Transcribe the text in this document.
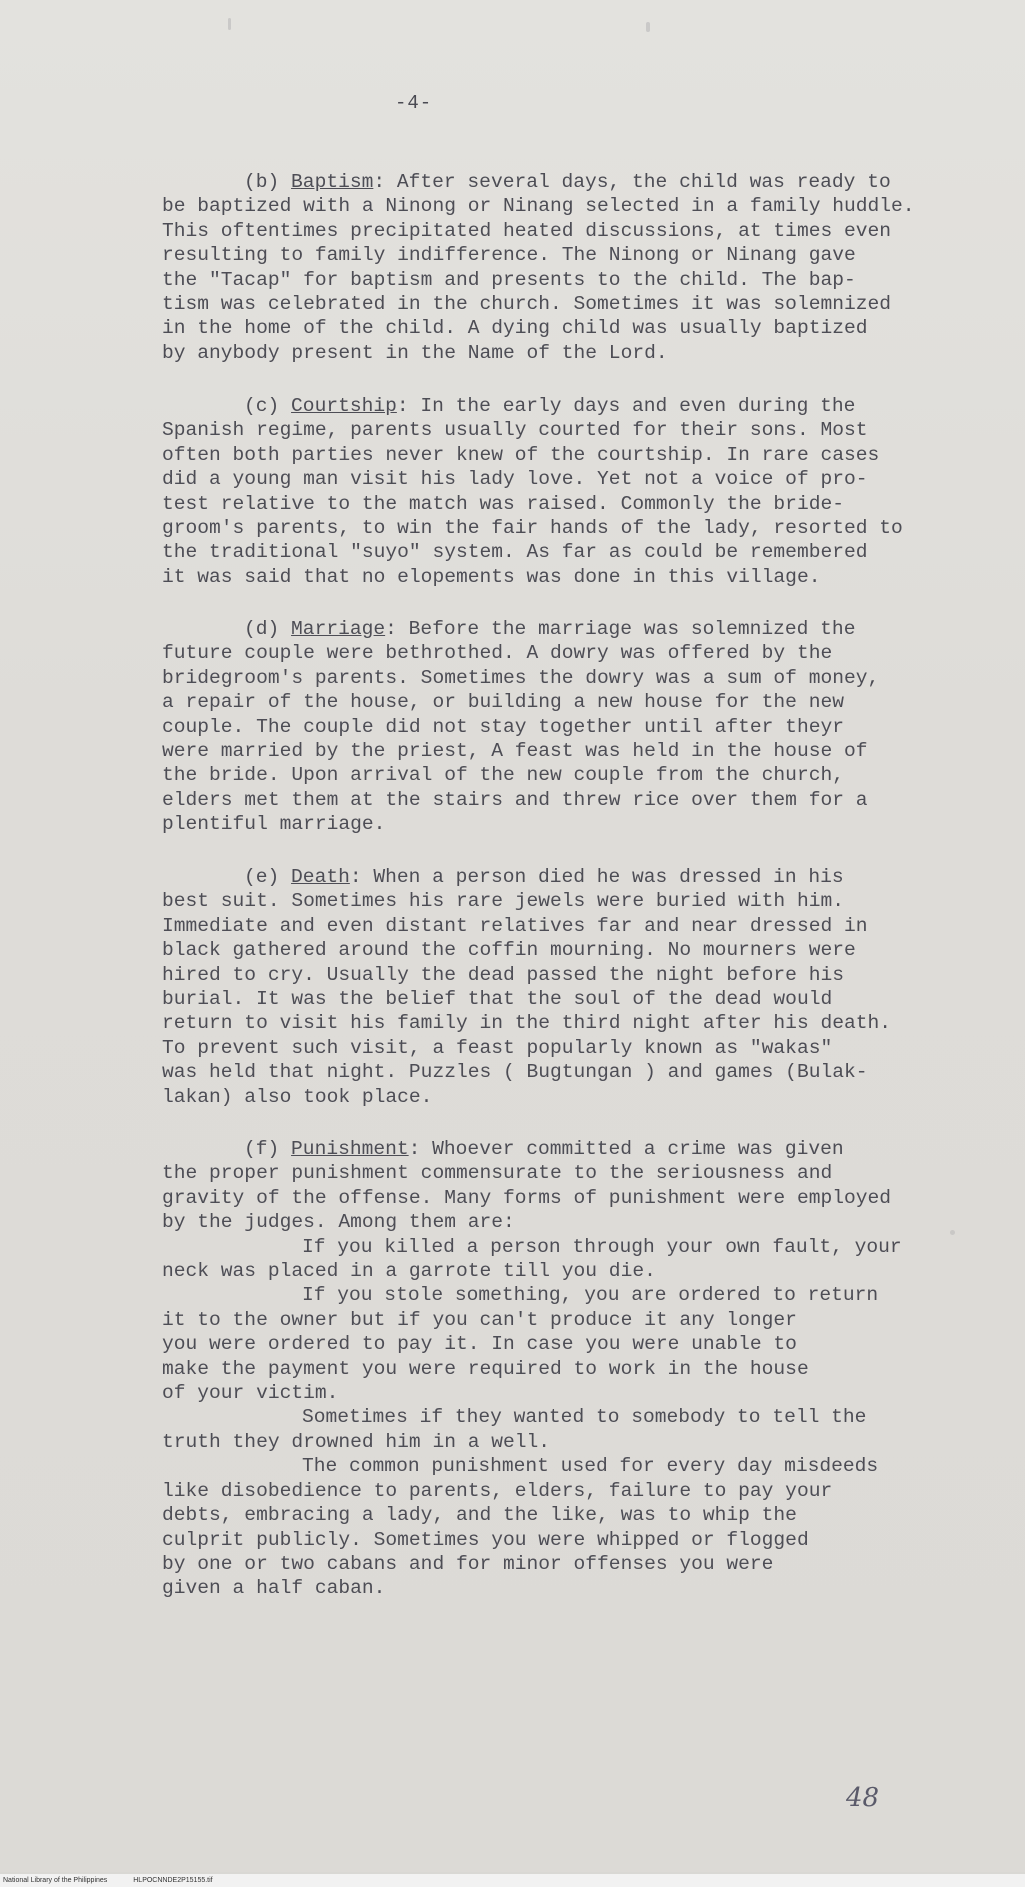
-4-
(b) Baptism: After several days, the child was ready to
be baptized with a Ninong or Ninang selected in a family huddle.
This oftentimes precipitated heated discussions, at times even
resulting to family indifference. The Ninong or Ninang gave
the "Tacap" for baptism and presents to the child. The bap-
tism was celebrated in the church. Sometimes it was solemnized
in the home of the child. A dying child was usually baptized
by anybody present in the Name of the Lord.
(c) Courtship: In the early days and even during the
Spanish regime, parents usually courted for their sons. Most
often both parties never knew of the courtship. In rare cases
did a young man visit his lady love. Yet not a voice of pro-
test relative to the match was raised. Commonly the bride-
groom's parents, to win the fair hands of the lady, resorted to
the traditional "suyo" system. As far as could be remembered
it was said that no elopements was done in this village.
(d) Marriage: Before the marriage was solemnized the
future couple were bethrothed. A dowry was offered by the
bridegroom's parents. Sometimes the dowry was a sum of money,
a repair of the house, or building a new house for the new
couple. The couple did not stay together until after theyr
were married by the priest, A feast was held in the house of
the bride. Upon arrival of the new couple from the church,
elders met them at the stairs and threw rice over them for a
plentiful marriage.
(e) Death: When a person died he was dressed in his
best suit. Sometimes his rare jewels were buried with him.
Immediate and even distant relatives far and near dressed in
black gathered around the coffin mourning. No mourners were
hired to cry. Usually the dead passed the night before his
burial. It was the belief that the soul of the dead would
return to visit his family in the third night after his death.
To prevent such visit, a feast popularly known as "wakas"
was held that night. Puzzles ( Bugtungan ) and games (Bulak-
lakan) also took place.
(f) Punishment: Whoever committed a crime was given
the proper punishment commensurate to the seriousness and
gravity of the offense. Many forms of punishment were employed
by the judges. Among them are:
If you killed a person through your own fault, your
neck was placed in a garrote till you die.
If you stole something, you are ordered to return
it to the owner but if you can't produce it any longer
you were ordered to pay it. In case you were unable to
make the payment you were required to work in the house
of your victim.
Sometimes if they wanted to somebody to tell the
truth they drowned him in a well.
The common punishment used for every day misdeeds
like disobedience to parents, elders, failure to pay your
debts, embracing a lady, and the like, was to whip the
culprit publicly. Sometimes you were whipped or flogged
by one or two cabans and for minor offenses you were
given a half caban.
48
National Library of the Philippines	HLPOCNNDE2P15155.tif
